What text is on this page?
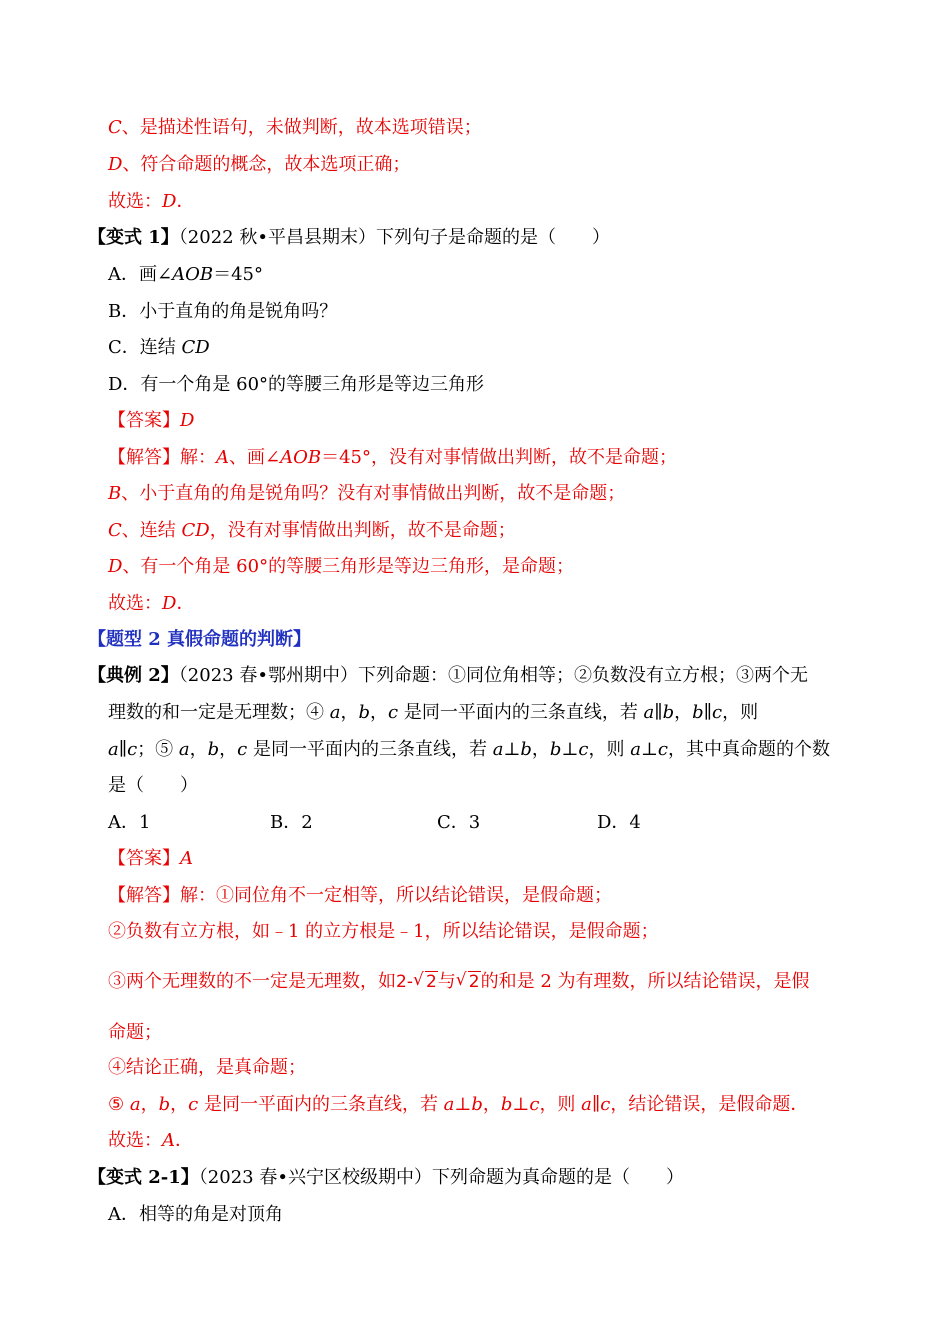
C、是描述性语句，未做判断，故本选项错误；
D、符合命题的概念，故本选项正确；
故选：D．
【变式 1】（2022 秋•平昌县期末）下列句子是命题的是（　　）
A．画∠AOB＝45°
B．小于直角的角是锐角吗？
C．连结 CD
D．有一个角是 60°的等腰三角形是等边三角形
【答案】D
【解答】解：A、画∠AOB＝45°，没有对事情做出判断，故不是命题；
B、小于直角的角是锐角吗？没有对事情做出判断，故不是命题；
C、连结 CD，没有对事情做出判断，故不是命题；
D、有一个角是 60°的等腰三角形是等边三角形，是命题；
故选：D．
【题型 2 真假命题的判断】
【典例 2】（2023 春•鄂州期中）下列命题：①同位角相等；②负数没有立方根；③两个无
理数的和一定是无理数；④ a，b，c 是同一平面内的三条直线，若 a∥b，b∥c，则
a∥c；⑤ a，b，c 是同一平面内的三条直线，若 a⊥b，b⊥c，则 a⊥c，其中真命题的个数
是（　　）
A．1	B．2	C．3	D．4
【答案】A
【解答】解：①同位角不一定相等，所以结论错误，是假命题；
②负数有立方根，如﹣1 的立方根是﹣1，所以结论错误，是假命题；
③两个无理数的不一定是无理数，如2- √ 2与 √ 2的和是 2 为有理数，所以结论错误，是假
命题；
④结论正确，是真命题；
⑤ a，b，c 是同一平面内的三条直线，若 a⊥b，b⊥c，则 a∥c，结论错误，是假命题．
故选：A．
【变式 2-1】（2023 春•兴宁区校级期中）下列命题为真命题的是（　　）
A．相等的角是对顶角
